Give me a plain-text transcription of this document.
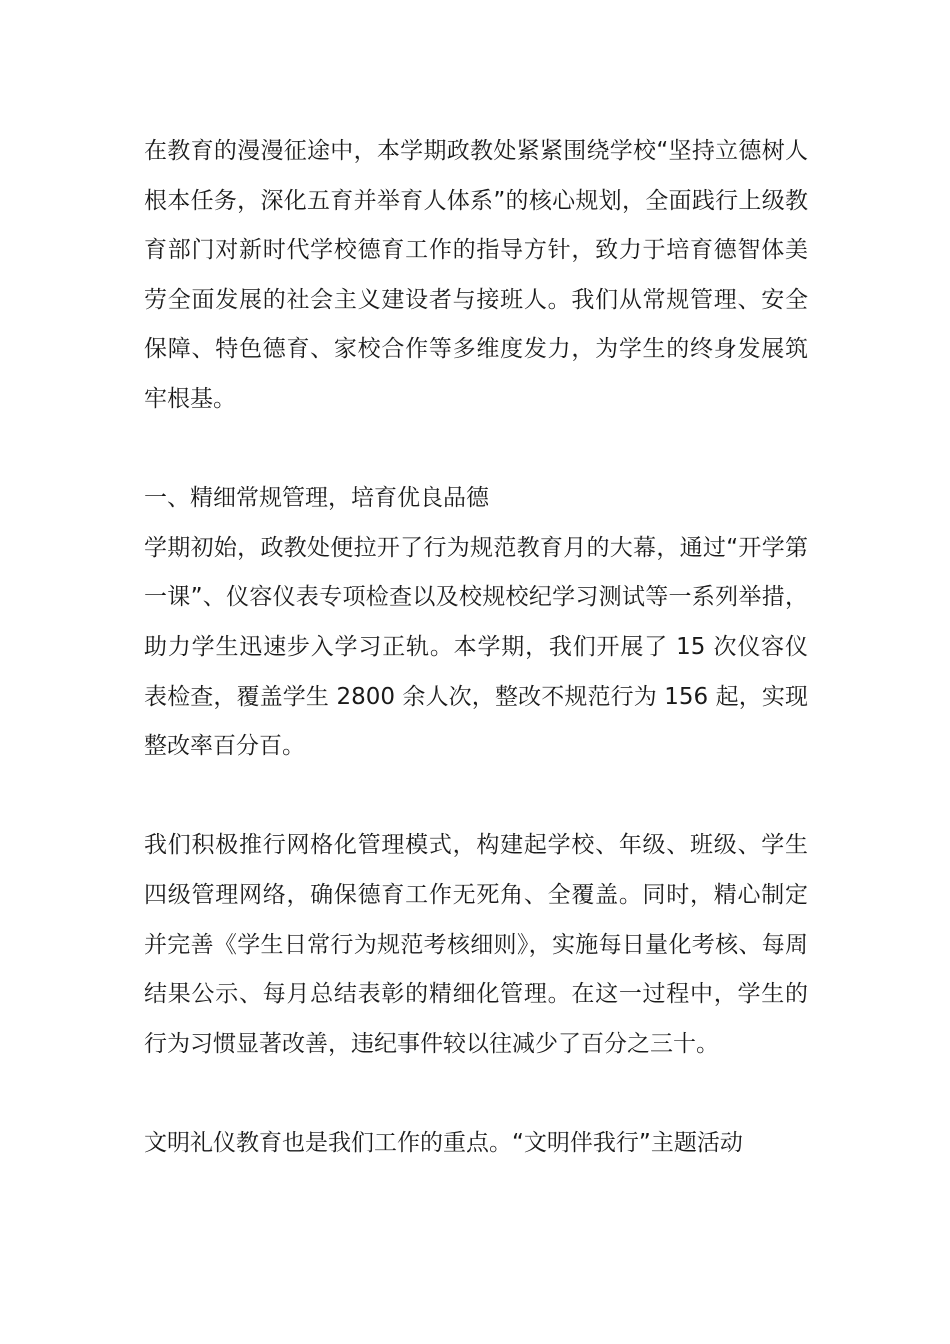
在教育的漫漫征途中，本学期政教处紧紧围绕学校“坚持立德树人根本任务，深化五育并举育人体系”的核心规划，全面践行上级教育部门对新时代学校德育工作的指导方针，致力于培育德智体美劳全面发展的社会主义建设者与接班人。我们从常规管理、安全保障、特色德育、家校合作等多维度发力，为学生的终身发展筑牢根基。

一、精细常规管理，培育优良品德

学期初始，政教处便拉开了行为规范教育月的大幕，通过“开学第一课”、仪容仪表专项检查以及校规校纪学习测试等一系列举措，助力学生迅速步入学习正轨。本学期，我们开展了 15 次仪容仪表检查，覆盖学生 2800 余人次，整改不规范行为 156 起，实现整改率百分百。

我们积极推行网格化管理模式，构建起学校、年级、班级、学生四级管理网络，确保德育工作无死角、全覆盖。同时，精心制定并完善《学生日常行为规范考核细则》，实施每日量化考核、每周结果公示、每月总结表彰的精细化管理。在这一过程中，学生的行为习惯显著改善，违纪事件较以往减少了百分之三十。

文明礼仪教育也是我们工作的重点。“文明伴我行”主题活动
